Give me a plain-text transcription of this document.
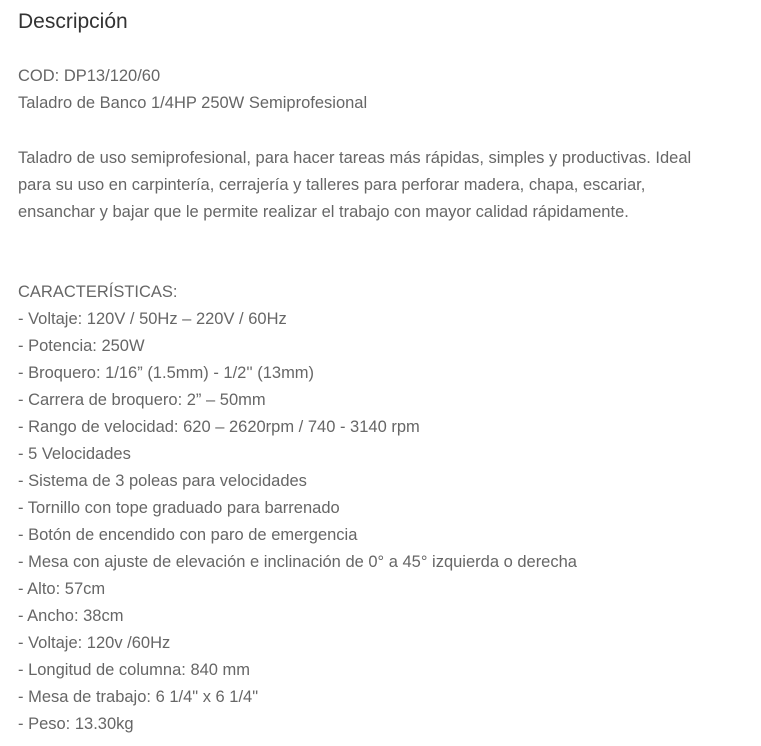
Descripción
COD: DP13/120/60
Taladro de Banco 1/4HP 250W Semiprofesional
Taladro de uso semiprofesional, para hacer tareas más rápidas, simples y productivas. Ideal para su uso en carpintería, cerrajería y talleres para perforar madera, chapa, escariar, ensanchar y bajar que le permite realizar el trabajo con mayor calidad rápidamente.
CARACTERÍSTICAS:
- Voltaje: 120V / 50Hz – 220V / 60Hz
- Potencia: 250W
- Broquero: 1/16” (1.5mm) - 1/2'' (13mm)
- Carrera de broquero: 2” – 50mm
- Rango de velocidad: 620 – 2620rpm / 740 - 3140 rpm
- 5 Velocidades
- Sistema de 3 poleas para velocidades
- Tornillo con tope graduado para barrenado
- Botón de encendido con paro de emergencia
- Mesa con ajuste de elevación e inclinación de 0° a 45° izquierda o derecha
- Alto: 57cm
- Ancho: 38cm
- Voltaje: 120v /60Hz
- Longitud de columna: 840 mm
- Mesa de trabajo: 6 1/4" x 6 1/4"
- Peso: 13.30kg
